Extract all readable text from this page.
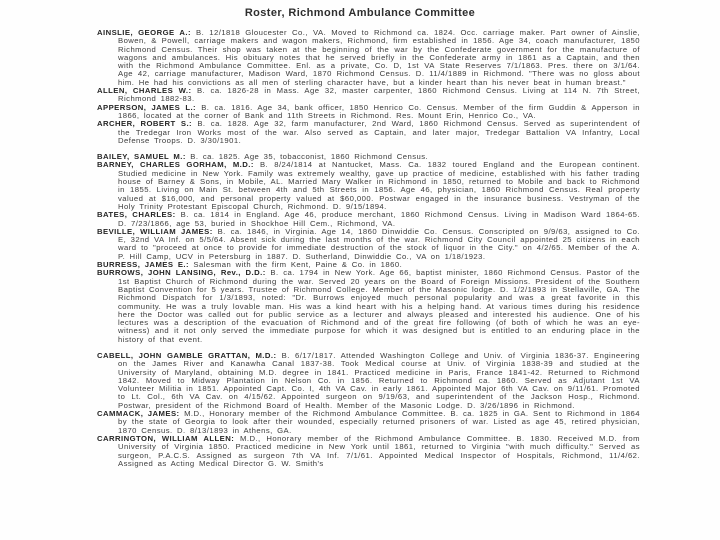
Roster, Richmond Ambulance Committee

AINSLIE, GEORGE A.: B. 12/1818 Gloucester Co., VA. Moved to Richmond ca. 1824. Occ. carriage maker. Part owner of Ainslie, Bowen, & Powell, carriage makers and wagon makers, Richmond, firm established in 1856. Age 34, coach manufacturer, 1850 Richmond Census. Their shop was taken at the beginning of the war by the Confederate government for the manufacture of wagons and ambulances. His obituary notes that he served briefly in the Confederate army in 1861 as a Captain, and then with the Richmond Ambulance Committee. Enl. as a private, Co. D, 1st VA State Reserves 7/1/1863. Pres. there on 3/1/64. Age 42, carriage manufacturer, Madison Ward, 1870 Richmond Census. D. 11/4/1889 in Richmond. "There was no gloss about him. He had his convictions as all men of sterling character have, but a kinder heart than his never beat in human breast."

ALLEN, CHARLES W.: B. ca. 1826-28 in Mass. Age 32, master carpenter, 1860 Richmond Census. Living at 114 N. 7th Street, Richmond 1882-83.

APPERSON, JAMES L.: B. ca. 1816. Age 34, bank officer, 1850 Henrico Co. Census. Member of the firm Guddin & Apperson in 1866, located at the corner of Bank and 11th Streets in Richmond. Res. Mount Erin, Henrico Co., VA.

ARCHER, ROBERT S.: B. ca. 1828. Age 32, farm manufacturer, 2nd Ward, 1860 Richmond Census. Served as superintendent of the Tredegar Iron Works most of the war. Also served as Captain, and later major, Tredegar Battalion VA Infantry, Local Defense Troops. D. 3/30/1901.

BAILEY, SAMUEL M.: B. ca. 1825. Age 35, tobacconist, 1860 Richmond Census.

BARNEY, CHARLES GORHAM, M.D.: B. 8/24/1814 at Nantucket, Mass. Ca. 1832 toured England and the European continent. Studied medicine in New York. Family was extremely wealthy, gave up practice of medicine, established with his father trading house of Barney & Sons, in Mobile, AL. Married Mary Walker in Richmond in 1850, returned to Mobile and back to Richmond in 1855. Living on Main St. between 4th and 5th Streets in 1856. Age 46, physician, 1860 Richmond Census. Real property valued at $16,000, and personal property valued at $60,000. Postwar engaged in the insurance business. Vestryman of the Holy Trinity Protestant Episcopal Church, Richmond. D. 9/15/1894.

BATES, CHARLES: B. ca. 1814 in England. Age 46, produce merchant, 1860 Richmond Census. Living in Madison Ward 1864-65. D. 7/23/1866, age 53, buried in Shockhoe Hill Cem., Richmond, VA.

BEVILLE, WILLIAM JAMES: B. ca. 1846, in Virginia. Age 14, 1860 Dinwiddie Co. Census. Conscripted on 9/9/63, assigned to Co. E, 32nd VA Inf. on 5/5/64. Absent sick during the last months of the war. Richmond City Council appointed 25 citizens in each ward to "proceed at once to provide for immediate destruction of the stock of liquor in the City." on 4/2/65. Member of the A. P. Hill Camp, UCV in Petersburg in 1887. D. Sutherland, Dinwiddie Co., VA on 1/18/1923.

BURRESS, JAMES E.: Salesman with the firm Kent, Paine & Co. in 1860.

BURROWS, JOHN LANSING, Rev., D.D.: B. ca. 1794 in New York. Age 66, baptist minister, 1860 Richmond Census. Pastor of the 1st Baptist Church of Richmond during the war. Served 20 years on the Board of Foreign Missions. President of the Southern Baptist Convention for 5 years. Trustee of Richmond College. Member of the Masonic lodge. D. 1/2/1893 in Stellaville, GA. The Richmond Dispatch for 1/3/1893, noted: "Dr. Burrows enjoyed much personal popularity and was a great favorite in this community. He was a truly lovable man. His was a kind heart with his a helping hand. At various times during his residence here the Doctor was called out for public service as a lecturer and always pleased and interested his audience. One of his lectures was a description of the evacuation of Richmond and of the great fire following (of both of which he was an eye-witness) and it not only served the immediate purpose for which it was designed but is entitled to an enduring place in the history of that event.

CABELL, JOHN GAMBLE GRATTAN, M.D.: B. 6/17/1817. Attended Washington College and Univ. of Virginia 1836-37. Engineering on the James River and Kanawha Canal 1837-38. Took Medical course at Univ. of Virginia 1838-39 and studied at the University of Maryland, obtaining M.D. degree in 1841. Practiced medicine in Paris, France 1841-42. Returned to Richmond 1842. Moved to Midway Plantation in Nelson Co. in 1856. Returned to Richmond ca. 1860. Served as Adjutant 1st VA Volunteer Militia in 1851. Appointed Capt. Co. I, 4th VA Cav. in early 1861. Appointed Major 6th VA Cav. on 9/11/61. Promoted to Lt. Col., 6th VA Cav. on 4/15/62. Appointed surgeon on 9/19/63, and superintendent of the Jackson Hosp., Richmond. Postwar, president of the Richmond Board of Health. Member of the Masonic Lodge. D. 3/26/1896 in Richmond.

CAMMACK, JAMES: M.D., Honorary member of the Richmond Ambulance Committee. B. ca. 1825 in GA. Sent to Richmond in 1864 by the state of Georgia to look after their wounded, especially returned prisoners of war. Listed as age 45, retired physician, 1870 Census. D. 8/13/1893 in Athens, GA.

CARRINGTON, WILLIAM ALLEN: M.D., Honorary member of the Richmond Ambulance Committee. B. 1830. Received M.D. from University of Virginia 1850. Practiced medicine in New York until 1861, returned to Virginia "with much difficulty." Served as surgeon, P.A.C.S. Assigned as surgeon 7th VA Inf. 7/1/61. Appointed Medical Inspector of Hospitals, Richmond, 11/4/62. Assigned as Acting Medical Director G. W. Smith's
